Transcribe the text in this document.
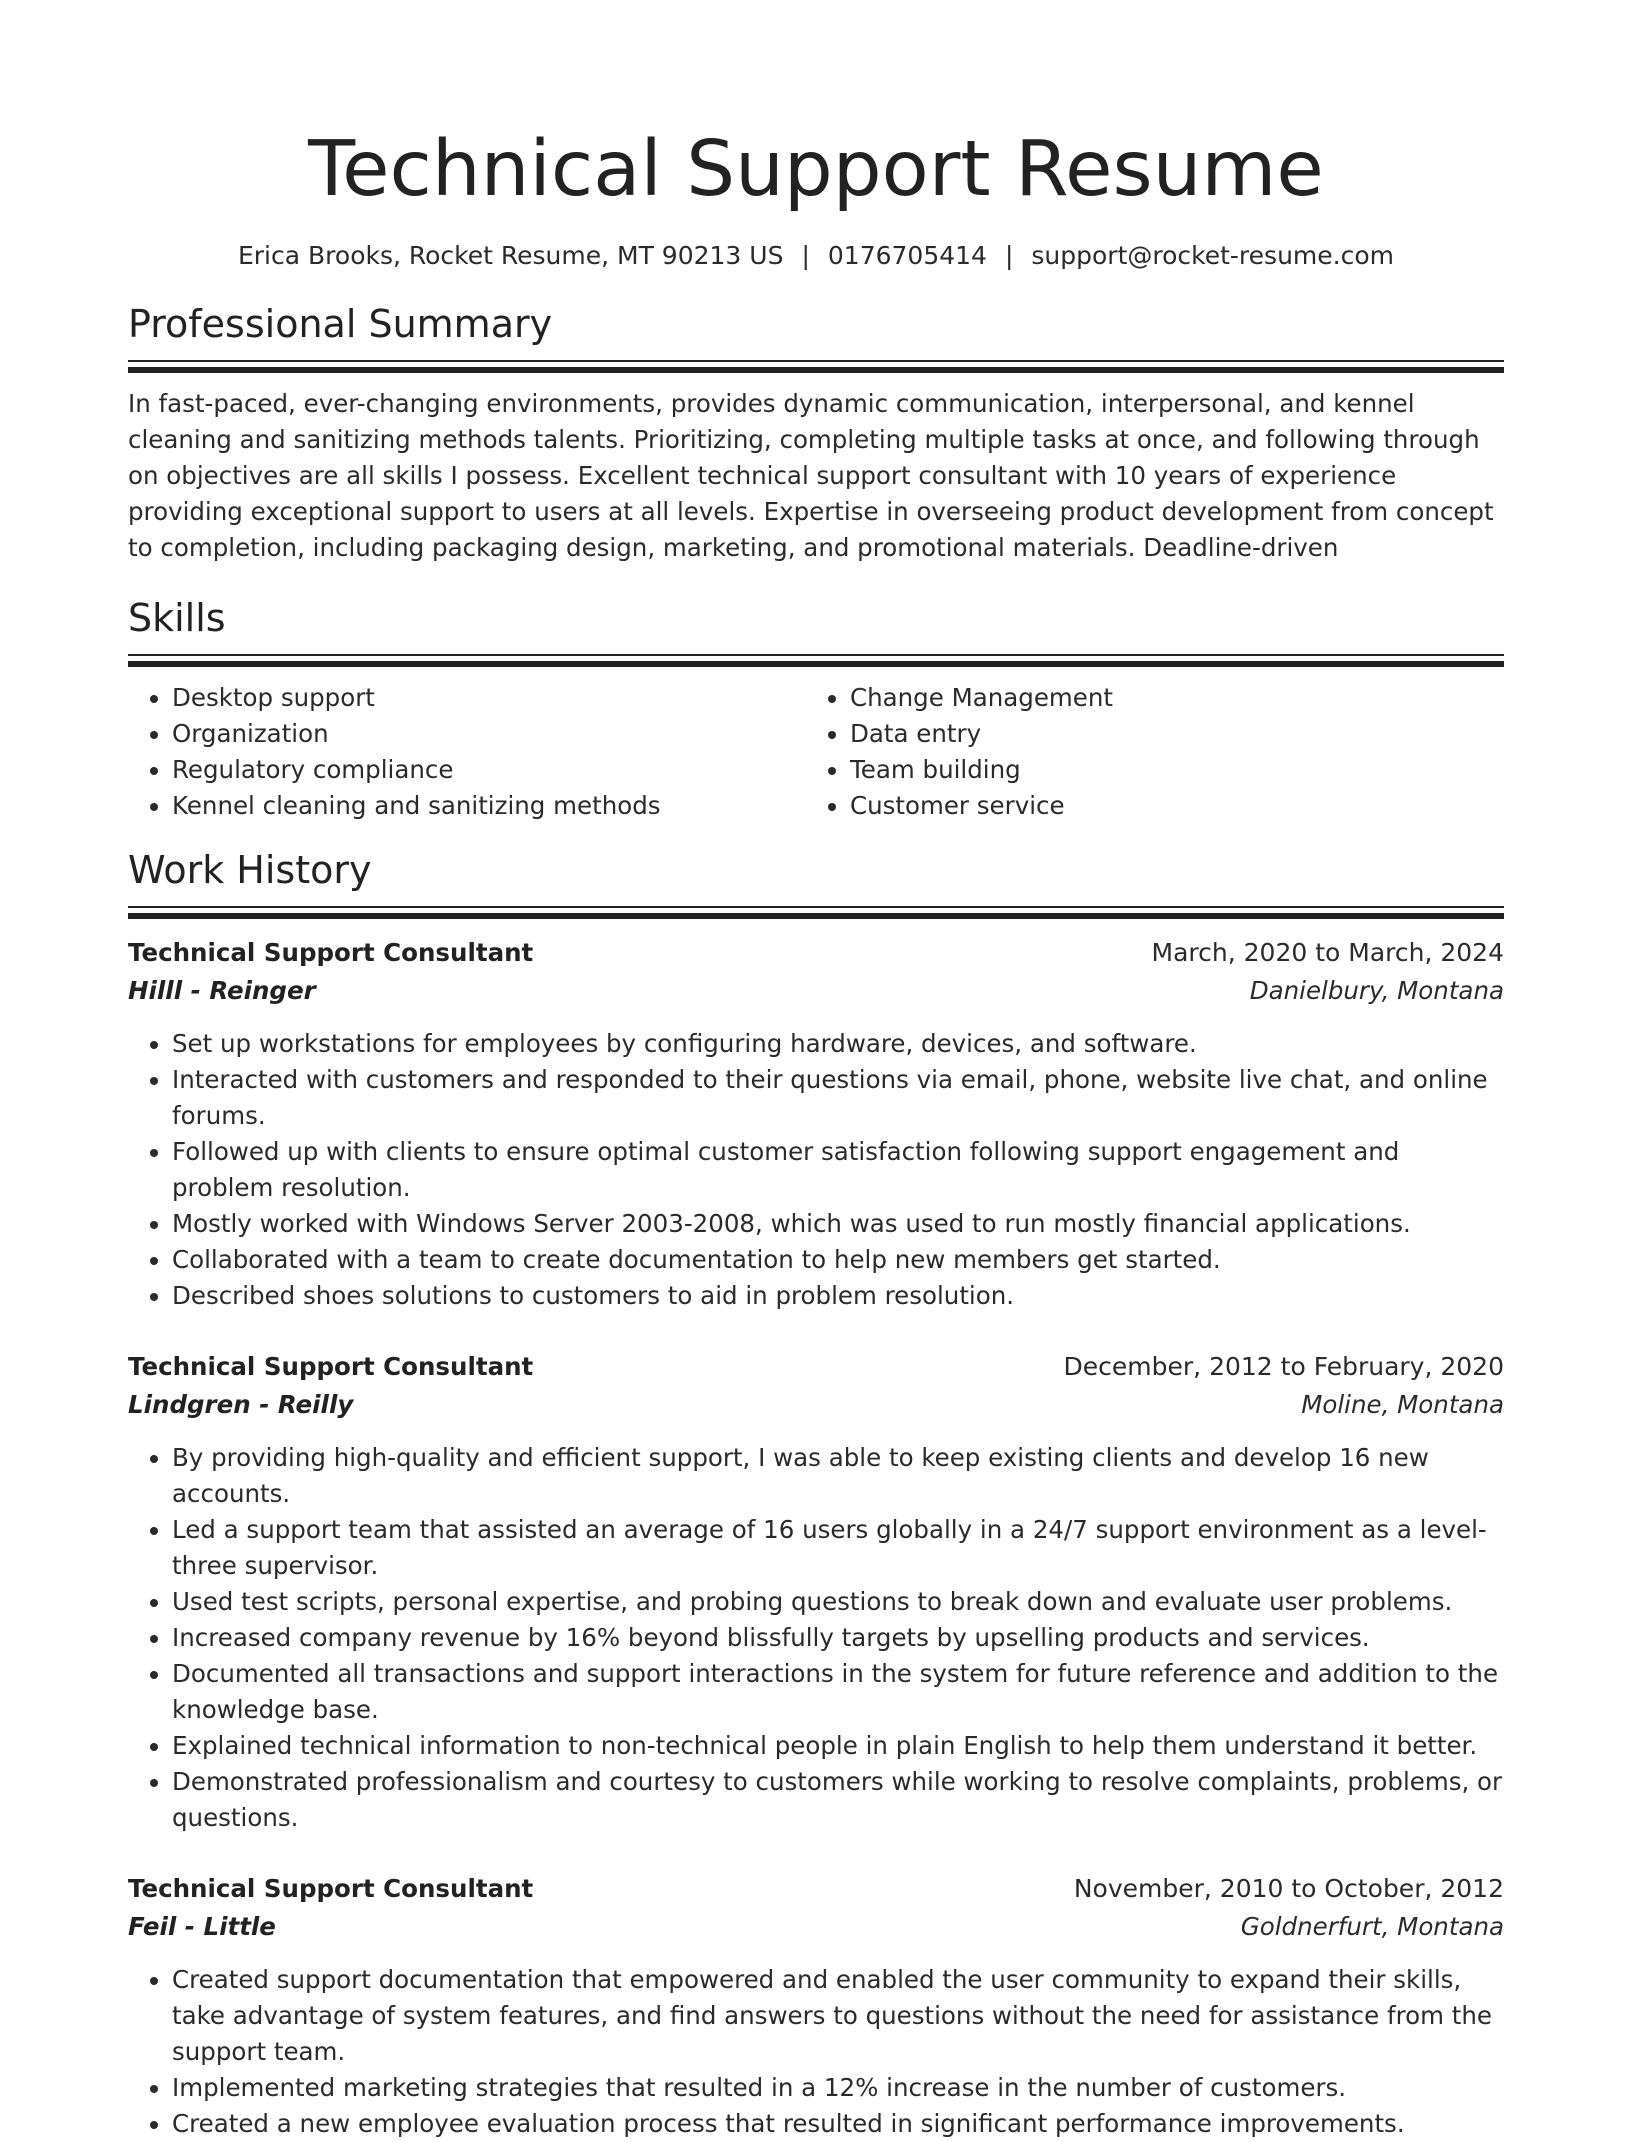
Technical Support Resume
Erica Brooks, Rocket Resume, MT 90213 US | 0176705414 | support@rocket-resume.com
Professional Summary
In fast-paced, ever-changing environments, provides dynamic communication, interpersonal, and kennel cleaning and sanitizing methods talents. Prioritizing, completing multiple tasks at once, and following through on objectives are all skills I possess. Excellent technical support consultant with 10 years of experience providing exceptional support to users at all levels. Expertise in overseeing product development from concept to completion, including packaging design, marketing, and promotional materials. Deadline-driven
Skills
• Desktop support
• Organization
• Regulatory compliance
• Kennel cleaning and sanitizing methods
• Change Management
• Data entry
• Team building
• Customer service
Work History
Technical Support Consultant	March, 2020 to March, 2024
Hilll - Reinger	Danielbury, Montana
• Set up workstations for employees by configuring hardware, devices, and software.
• Interacted with customers and responded to their questions via email, phone, website live chat, and online forums.
• Followed up with clients to ensure optimal customer satisfaction following support engagement and problem resolution.
• Mostly worked with Windows Server 2003-2008, which was used to run mostly financial applications.
• Collaborated with a team to create documentation to help new members get started.
• Described shoes solutions to customers to aid in problem resolution.
Technical Support Consultant	December, 2012 to February, 2020
Lindgren - Reilly	Moline, Montana
• By providing high-quality and efficient support, I was able to keep existing clients and develop 16 new accounts.
• Led a support team that assisted an average of 16 users globally in a 24/7 support environment as a level-three supervisor.
• Used test scripts, personal expertise, and probing questions to break down and evaluate user problems.
• Increased company revenue by 16% beyond blissfully targets by upselling products and services.
• Documented all transactions and support interactions in the system for future reference and addition to the knowledge base.
• Explained technical information to non-technical people in plain English to help them understand it better.
• Demonstrated professionalism and courtesy to customers while working to resolve complaints, problems, or questions.
Technical Support Consultant	November, 2010 to October, 2012
Feil - Little	Goldnerfurt, Montana
• Created support documentation that empowered and enabled the user community to expand their skills, take advantage of system features, and find answers to questions without the need for assistance from the support team.
• Implemented marketing strategies that resulted in a 12% increase in the number of customers.
• Created a new employee evaluation process that resulted in significant performance improvements.
